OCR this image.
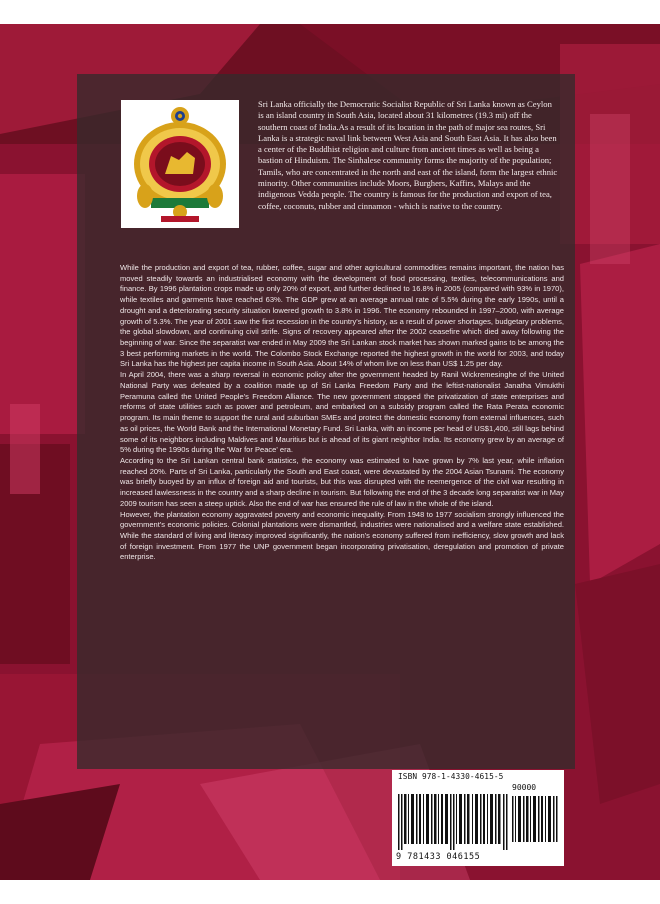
Sri Lanka officially the Democratic Socialist Republic of Sri Lanka known as Ceylon is an island country in South Asia, located about 31 kilometres (19.3 mi) off the southern coast of India.As a result of its location in the path of major sea routes, Sri Lanka is a strategic naval link between West Asia and South East Asia. It has also been a center of the Buddhist religion and culture from ancient times as well as being a bastion of Hinduism. The Sinhalese community forms the majority of the population; Tamils, who are concentrated in the north and east of the island, form the largest ethnic minority. Other communities include Moors, Burghers, Kaffirs, Malays and the indigenous Vedda people. The country is famous for the production and export of tea, coffee, coconuts, rubber and cinnamon - which is native to the country.

While the production and export of tea, rubber, coffee, sugar and other agricultural commodities remains important, the nation has moved steadily towards an industrialised economy with the development of food processing, textiles, telecommunications and finance. By 1996 plantation crops made up only 20% of export, and further declined to 16.8% in 2005 (compared with 93% in 1970), while textiles and garments have reached 63%. The GDP grew at an average annual rate of 5.5% during the early 1990s, until a drought and a deteriorating security situation lowered growth to 3.8% in 1996. The economy rebounded in 1997–2000, with average growth of 5.3%. The year of 2001 saw the first recession in the country's history, as a result of power shortages, budgetary problems, the global slowdown, and continuing civil strife. Signs of recovery appeared after the 2002 ceasefire which died away following the beginning of war. Since the separatist war ended in May 2009 the Sri Lankan stock market has shown marked gains to be among the 3 best performing markets in the world. The Colombo Stock Exchange reported the highest growth in the world for 2003, and today Sri Lanka has the highest per capita income in South Asia. About 14% of whom live on less than US$ 1.25 per day.

In April 2004, there was a sharp reversal in economic policy after the government headed by Ranil Wickremesinghe of the United National Party was defeated by a coalition made up of Sri Lanka Freedom Party and the leftist-nationalist Janatha Vimukthi Peramuna called the United People's Freedom Alliance. The new government stopped the privatization of state enterprises and reforms of state utilities such as power and petroleum, and embarked on a subsidy program called the Rata Perata economic program. Its main theme to support the rural and suburban SMEs and protect the domestic economy from external influences, such as oil prices, the World Bank and the International Monetary Fund. Sri Lanka, with an income per head of US$1,400, still lags behind some of its neighbors including Maldives and Mauritius but is ahead of its giant neighbor India. Its economy grew by an average of 5% during the 1990s during the 'War for Peace' era.

According to the Sri Lankan central bank statistics, the economy was estimated to have grown by 7% last year, while inflation reached 20%. Parts of Sri Lanka, particularly the South and East coast, were devastated by the 2004 Asian Tsunami. The economy was briefly buoyed by an influx of foreign aid and tourists, but this was disrupted with the reemergence of the civil war resulting in increased lawlessness in the country and a sharp decline in tourism. But following the end of the 3 decade long separatist war in May 2009 tourism has seen a steep uptick. Also the end of war has ensured the rule of law in the whole of the island.

However, the plantation economy aggravated poverty and economic inequality. From 1948 to 1977 socialism strongly influenced the government's economic policies. Colonial plantations were dismantled, industries were nationalised and a welfare state established. While the standard of living and literacy improved significantly, the nation's economy suffered from inefficiency, slow growth and lack of foreign investment. From 1977 the UNP government began incorporating privatisation, deregulation and promotion of private enterprise.

ISBN 978-1-4330-4615-5
90000
9 781433 046155
